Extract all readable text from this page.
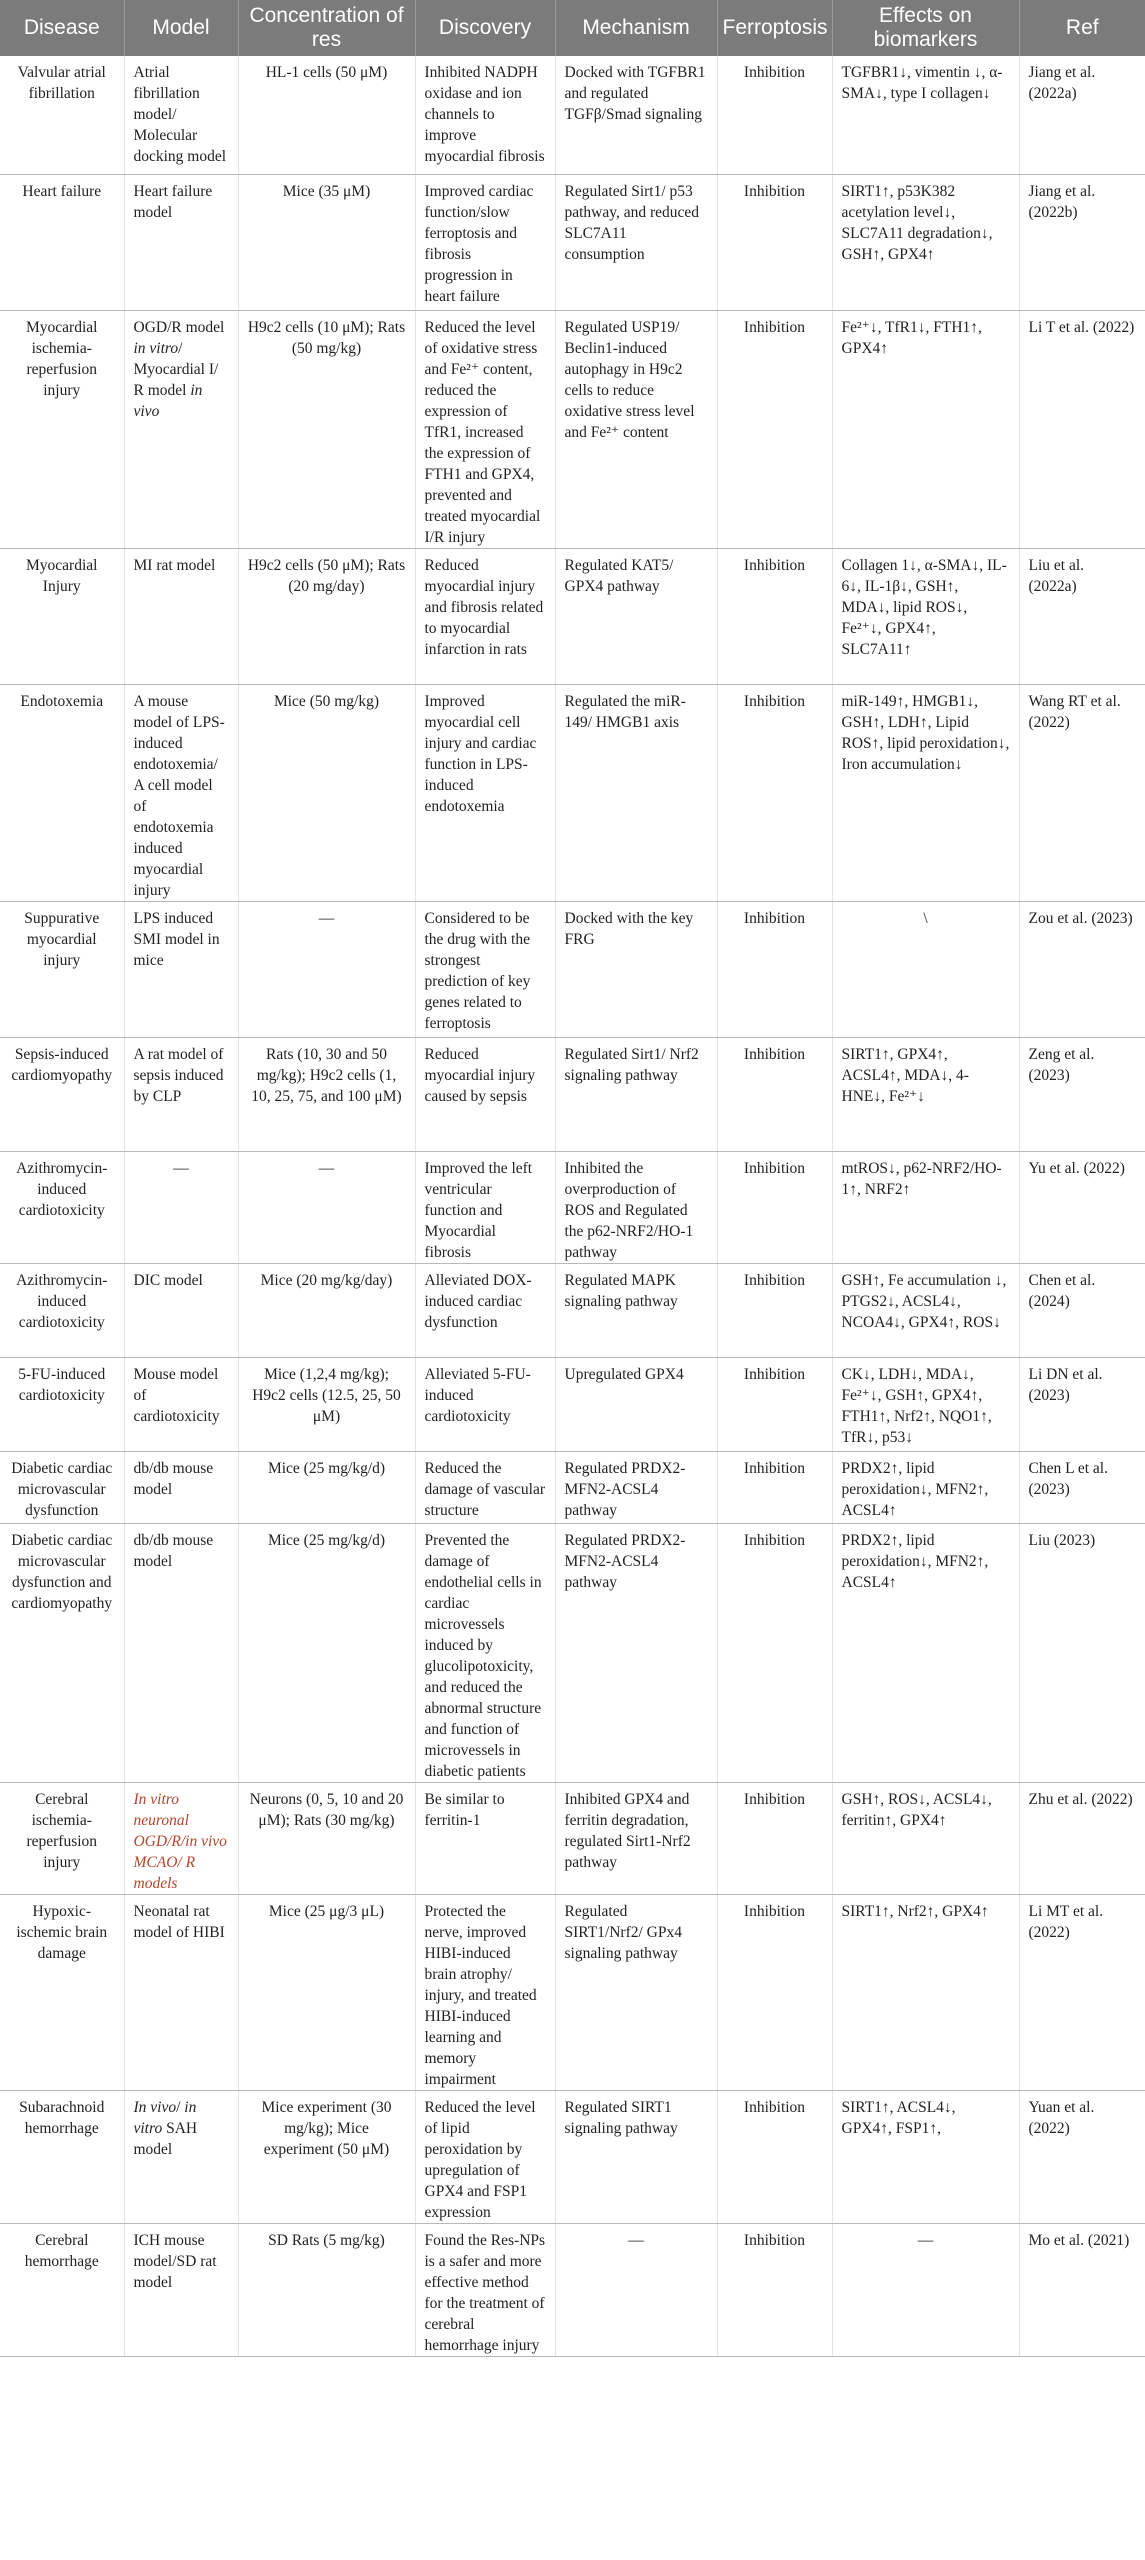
Disease	Model	Concentration of res	Discovery	Mechanism	Ferroptosis	Effects on biomarkers	Ref
Valvular atrial fibrillation	Atrial fibrillation model/ Molecular docking model	HL-1 cells (50 μM)	Inhibited NADPH oxidase and ion channels to improve myocardial fibrosis	Docked with TGFBR1 and regulated TGFβ/Smad signaling	Inhibition	TGFBR1↓, vimentin ↓, α-SMA↓, type I collagen↓	Jiang et al. (2022a)
Heart failure	Heart failure model	Mice (35 μM)	Improved cardiac function/slow ferroptosis and fibrosis progression in heart failure	Regulated Sirt1/ p53 pathway, and reduced SLC7A11 consumption	Inhibition	SIRT1↑, p53K382 acetylation level↓, SLC7A11 degradation↓, GSH↑, GPX4↑	Jiang et al. (2022b)
Myocardial ischemia-reperfusion injury	OGD/R model in vitro/ Myocardial I/ R model in vivo	H9c2 cells (10 μM); Rats (50 mg/kg)	Reduced the level of oxidative stress and Fe²⁺ content, reduced the expression of TfR1, increased the expression of FTH1 and GPX4, prevented and treated myocardial I/R injury	Regulated USP19/ Beclin1-induced autophagy in H9c2 cells to reduce oxidative stress level and Fe²⁺ content	Inhibition	Fe²⁺↓, TfR1↓, FTH1↑, GPX4↑	Li T et al. (2022)
Myocardial Injury	MI rat model	H9c2 cells (50 μM); Rats (20 mg/day)	Reduced myocardial injury and fibrosis related to myocardial infarction in rats	Regulated KAT5/ GPX4 pathway	Inhibition	Collagen 1↓, α-SMA↓, IL-6↓, IL-1β↓, GSH↑, MDA↓, lipid ROS↓, Fe²⁺↓, GPX4↑, SLC7A11↑	Liu et al. (2022a)
Endotoxemia	A mouse model of LPS-induced endotoxemia/ A cell model of endotoxemia induced myocardial injury	Mice (50 mg/kg)	Improved myocardial cell injury and cardiac function in LPS-induced endotoxemia	Regulated the miR-149/ HMGB1 axis	Inhibition	miR-149↑, HMGB1↓, GSH↑, LDH↑, Lipid ROS↑, lipid peroxidation↓, Iron accumulation↓	Wang RT et al. (2022)
Suppurative myocardial injury	LPS induced SMI model in mice	—	Considered to be the drug with the strongest prediction of key genes related to ferroptosis	Docked with the key FRG	Inhibition	\	Zou et al. (2023)
Sepsis-induced cardiomyopathy	A rat model of sepsis induced by CLP	Rats (10, 30 and 50 mg/kg); H9c2 cells (1, 10, 25, 75, and 100 μM)	Reduced myocardial injury caused by sepsis	Regulated Sirt1/ Nrf2 signaling pathway	Inhibition	SIRT1↑, GPX4↑, ACSL4↑, MDA↓, 4-HNE↓, Fe²⁺↓	Zeng et al. (2023)
Azithromycin-induced cardiotoxicity	—	—	Improved the left ventricular function and Myocardial fibrosis	Inhibited the overproduction of ROS and Regulated the p62-NRF2/HO-1 pathway	Inhibition	mtROS↓, p62-NRF2/HO-1↑, NRF2↑	Yu et al. (2022)
Azithromycin-induced cardiotoxicity	DIC model	Mice (20 mg/kg/day)	Alleviated DOX-induced cardiac dysfunction	Regulated MAPK signaling pathway	Inhibition	GSH↑, Fe accumulation ↓, PTGS2↓, ACSL4↓, NCOA4↓, GPX4↑, ROS↓	Chen et al. (2024)
5-FU-induced cardiotoxicity	Mouse model of cardiotoxicity	Mice (1,2,4 mg/kg); H9c2 cells (12.5, 25, 50 μM)	Alleviated 5-FU-induced cardiotoxicity	Upregulated GPX4	Inhibition	CK↓, LDH↓, MDA↓, Fe²⁺↓, GSH↑, GPX4↑, FTH1↑, Nrf2↑, NQO1↑, TfR↓, p53↓	Li DN et al. (2023)
Diabetic cardiac microvascular dysfunction	db/db mouse model	Mice (25 mg/kg/d)	Reduced the damage of vascular structure	Regulated PRDX2-MFN2-ACSL4 pathway	Inhibition	PRDX2↑, lipid peroxidation↓, MFN2↑, ACSL4↑	Chen L et al. (2023)
Diabetic cardiac microvascular dysfunction and cardiomyopathy	db/db mouse model	Mice (25 mg/kg/d)	Prevented the damage of endothelial cells in cardiac microvessels induced by glucolipotoxicity, and reduced the abnormal structure and function of microvessels in diabetic patients	Regulated PRDX2-MFN2-ACSL4 pathway	Inhibition	PRDX2↑, lipid peroxidation↓, MFN2↑, ACSL4↑	Liu (2023)
Cerebral ischemia-reperfusion injury	In vitro neuronal OGD/R/in vivo MCAO/ R models	Neurons (0, 5, 10 and 20 μM); Rats (30 mg/kg)	Be similar to ferritin-1	Inhibited GPX4 and ferritin degradation, regulated Sirt1-Nrf2 pathway	Inhibition	GSH↑, ROS↓, ACSL4↓, ferritin↑, GPX4↑	Zhu et al. (2022)
Hypoxic-ischemic brain damage	Neonatal rat model of HIBI	Mice (25 μg/3 μL)	Protected the nerve, improved HIBI-induced brain atrophy/ injury, and treated HIBI-induced learning and memory impairment	Regulated SIRT1/Nrf2/ GPx4 signaling pathway	Inhibition	SIRT1↑, Nrf2↑, GPX4↑	Li MT et al. (2022)
Subarachnoid hemorrhage	In vivo/ in vitro SAH model	Mice experiment (30 mg/kg); Mice experiment (50 μM)	Reduced the level of lipid peroxidation by upregulation of GPX4 and FSP1 expression	Regulated SIRT1 signaling pathway	Inhibition	SIRT1↑, ACSL4↓, GPX4↑, FSP1↑,	Yuan et al. (2022)
Cerebral hemorrhage	ICH mouse model/SD rat model	SD Rats (5 mg/kg)	Found the Res-NPs is a safer and more effective method for the treatment of cerebral hemorrhage injury	—	Inhibition	—	Mo et al. (2021)
